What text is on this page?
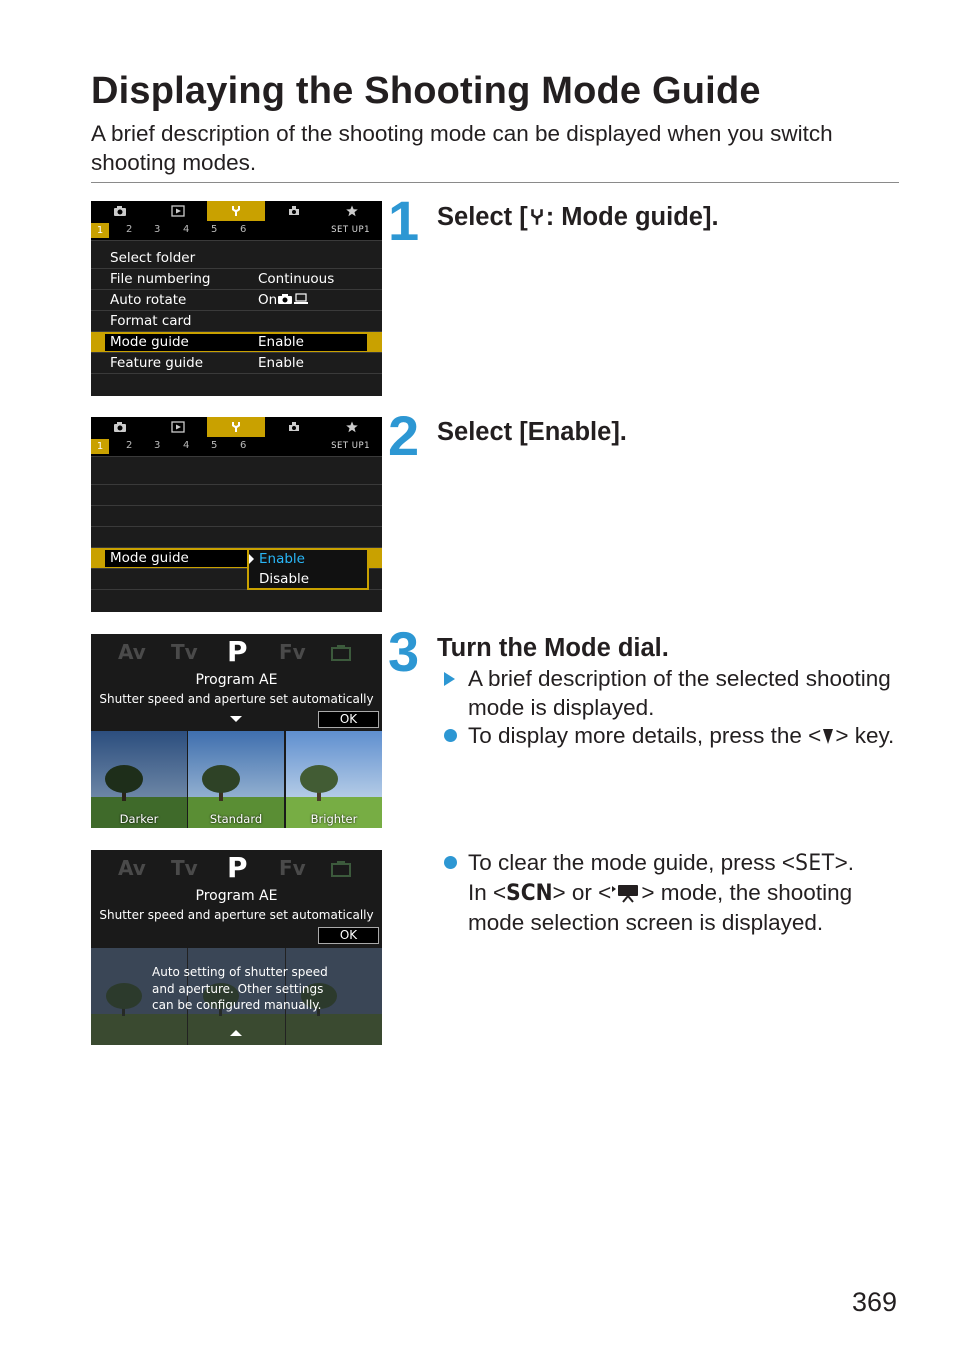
Displaying the Shooting Mode Guide
A brief description of the shooting mode can be displayed when you switch shooting modes.
1	2 3 4 5 6	SET UP1
Select folder
File numbering	Continuous
Auto rotate	On
Format card
Mode guide	Enable
Feature guide	Enable
1	2 3 4 5 6	SET UP1
Mode guide	Enable
Disable
Av Tv P Fv
Program AE
Shutter speed and aperture set automatically
OK
Darker	Standard	Brighter
Av Tv P Fv
Program AE
Shutter speed and aperture set automatically
OK
Auto setting of shutter speed
and aperture. Other settings
can be configured manually.
1 Select [ : Mode guide].
2 Select [Enable].
3 Turn the Mode dial.
A brief description of the selected shooting mode is displayed.
To display more details, press the < > key.
To clear the mode guide, press <SET>.
In <SCN> or < > mode, the shooting mode selection screen is displayed.
369
